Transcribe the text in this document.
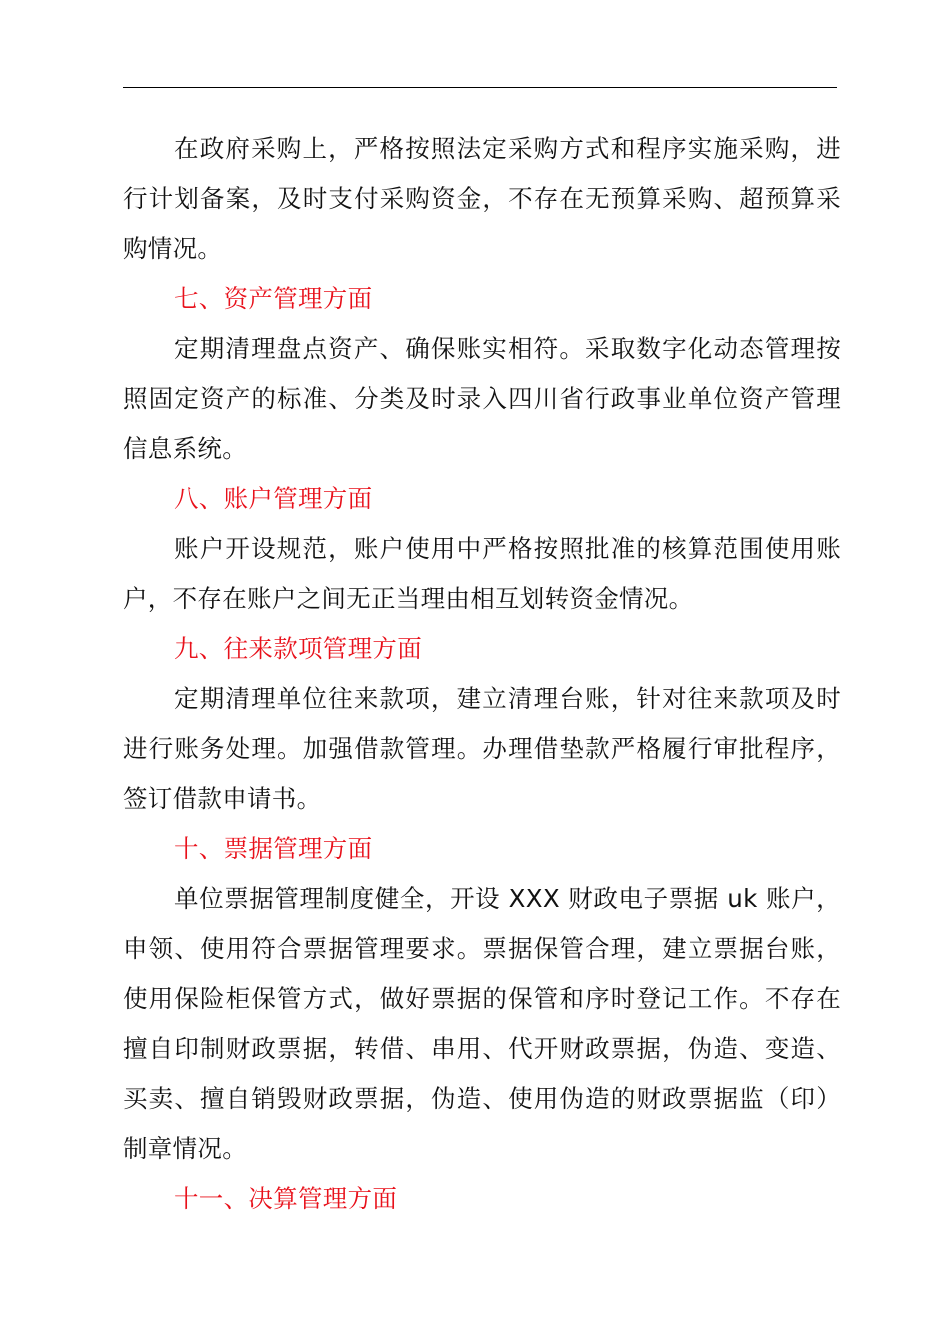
在政府采购上，严格按照法定采购方式和程序实施采购，进行计划备案，及时支付采购资金，不存在无预算采购、超预算采购情况。

七、资产管理方面

定期清理盘点资产、确保账实相符。采取数字化动态管理按照固定资产的标准、分类及时录入四川省行政事业单位资产管理信息系统。

八、账户管理方面

账户开设规范，账户使用中严格按照批准的核算范围使用账户，不存在账户之间无正当理由相互划转资金情况。

九、往来款项管理方面

定期清理单位往来款项，建立清理台账，针对往来款项及时进行账务处理。加强借款管理。办理借垫款严格履行审批程序，签订借款申请书。

十、票据管理方面

单位票据管理制度健全，开设 XXX 财政电子票据 uk 账户，申领、使用符合票据管理要求。票据保管合理，建立票据台账，使用保险柜保管方式，做好票据的保管和序时登记工作。不存在擅自印制财政票据，转借、串用、代开财政票据，伪造、变造、买卖、擅自销毁财政票据，伪造、使用伪造的财政票据监（印）制章情况。

十一、决算管理方面
